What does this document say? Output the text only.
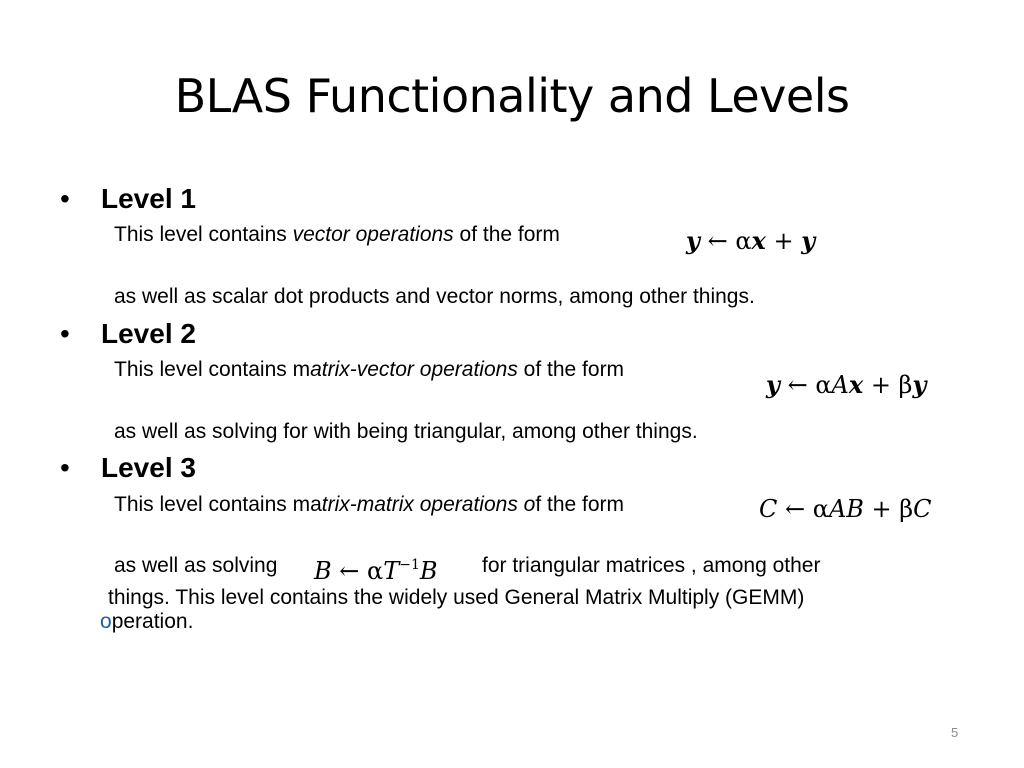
BLAS Functionality and Levels
• Level 1
This level contains vector operations of the form	y ← αx + y
as well as scalar dot products and vector norms, among other things.
• Level 2
This level contains matrix-vector operations of the form
y ← αAx + βy
as well as solving for with being triangular, among other things.
• Level 3
This level contains matrix-matrix operations of the form	C ← αAB + βC
as well as solving B ← $\alpha T^{-1}B$ for triangular matrices , among other
things. This level contains the widely used General Matrix Multiply (GEMM)
operation.
5
